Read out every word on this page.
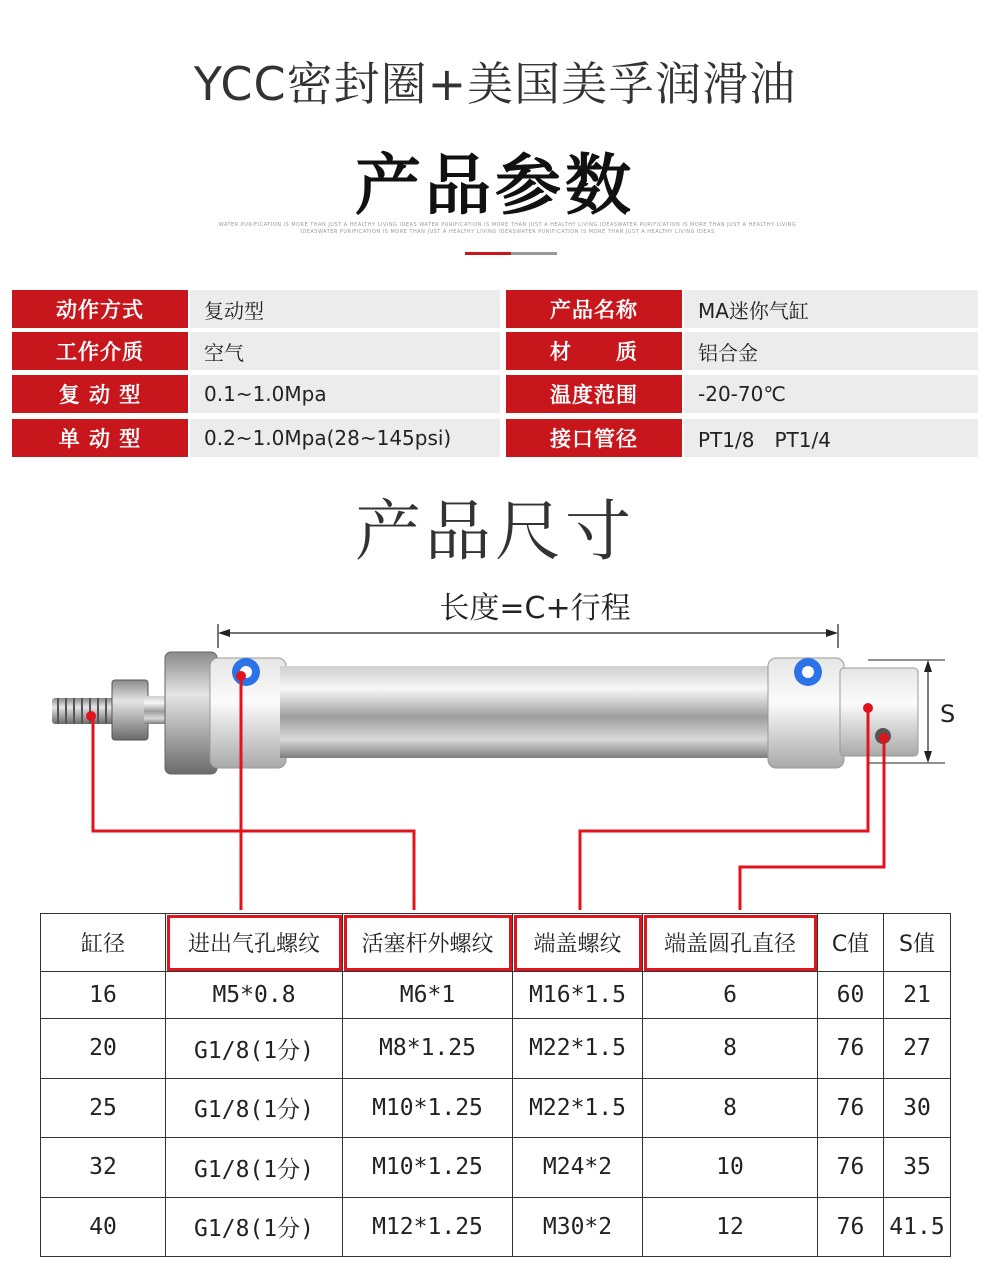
YCC密封圈+美国美孚润滑油
产品参数
WATER PURIFICATION IS MORE THAN JUST A HEALTHY LIVING IDEAS WATER PURIFICATION IS MORE THAN JUST A HEALTHY LIVING IDEASWATER PURIFICATION IS MORE THAN JUST A HEALTHY LIVING IDEASWATER PURIFICATION IS MORE THAN JUST A HEALTHY LIVING IDEASWATER PURIFICATION IS MORE THAN JUST A HEALTHY LIVING IDEAS
动作方式	复动型	产品名称	MA迷你气缸
工作介质	空气	材　　质	铝合金
复 动 型	0.1~1.0Mpa	温度范围	-20-70℃
单 动 型	0.2~1.0Mpa(28~145psi)	接口管径	PT1/8　PT1/4
产品尺寸
长度=C+行程
S
缸径	进出气孔螺纹	活塞杆外螺纹	端盖螺纹	端盖圆孔直径	C值	S值
16	M5*0.8	M6*1	M16*1.5	6	60	21
20	G1/8(1分)	M8*1.25	M22*1.5	8	76	27
25	G1/8(1分)	M10*1.25	M22*1.5	8	76	30
32	G1/8(1分)	M10*1.25	M24*2	10	76	35
40	G1/8(1分)	M12*1.25	M30*2	12	76	41.5
